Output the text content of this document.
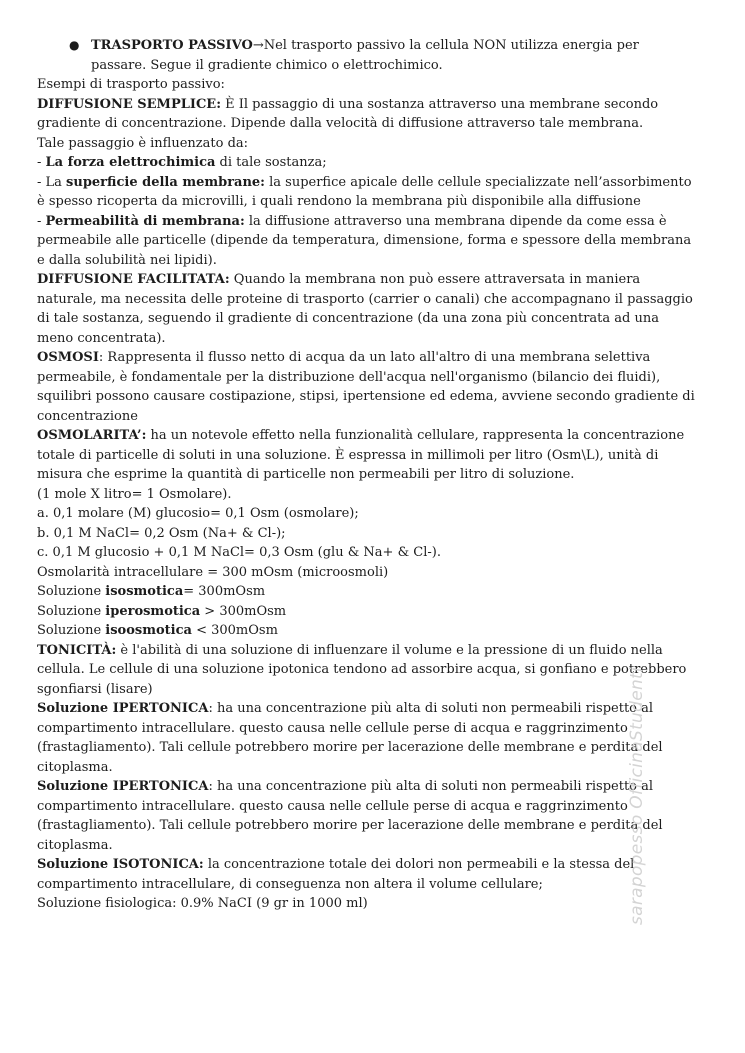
● TRASPORTO PASSIVO→Nel trasporto passivo la cellula NON utilizza energia per passare. Segue il gradiente chimico o elettrochimico.

Esempi di trasporto passivo:

DIFFUSIONE SEMPLICE: È Il passaggio di una sostanza attraverso una membrane secondo gradiente di concentrazione. Dipende dalla velocità di diffusione attraverso tale membrana.

Tale passaggio è influenzato da:

- La forza elettrochimica di tale sostanza;

- La superficie della membrane: la superfice apicale delle cellule specializzate nell’assorbimento è spesso ricoperta da microvilli, i quali rendono la membrana più disponibile alla diffusione

- Permeabilità di membrana: la diffusione attraverso una membrana dipende da come essa è permeabile alle particelle (dipende da temperatura, dimensione, forma e spessore della membrana e dalla solubilità nei lipidi).

DIFFUSIONE FACILITATA: Quando la membrana non può essere attraversata in maniera naturale, ma necessita delle proteine di trasporto (carrier o canali) che accompagnano il passaggio di tale sostanza, seguendo il gradiente di concentrazione (da una zona più concentrata ad una meno concentrata).

OSMOSI: Rappresenta il flusso netto di acqua da un lato all'altro di una membrana selettiva permeabile, è fondamentale per la distribuzione dell'acqua nell'organismo (bilancio dei fluidi), squilibri possono causare costipazione, stipsi, ipertensione ed edema, avviene secondo gradiente di concentrazione

OSMOLARITA’: ha un notevole effetto nella funzionalità cellulare, rappresenta la concentrazione totale di particelle di soluti in una soluzione. È espressa in millimoli per litro (Osm\L), unità di misura che esprime la quantità di particelle non permeabili per litro di soluzione.

(1 mole X litro= 1 Osmolare).

a. 0,1 molare (M) glucosio= 0,1 Osm (osmolare);

b. 0,1 M NaCl= 0,2 Osm (Na+ & Cl-);

c. 0,1 M glucosio + 0,1 M NaCl= 0,3 Osm (glu & Na+ & Cl-).

Osmolarità intracellulare = 300 mOsm (microosmoli)

Soluzione isosmotica= 300mOsm

Soluzione iperosmotica > 300mOsm

Soluzione isoosmotica < 300mOsm

TONICITÀ: è l'abilità di una soluzione di influenzare il volume e la pressione di un fluido nella cellula. Le cellule di una soluzione ipotonica tendono ad assorbire acqua, si gonfiano e potrebbero sgonfiarsi (lisare)

Soluzione IPERTONICA: ha una concentrazione più alta di soluti non permeabili rispetto al compartimento intracellulare. questo causa nelle cellule perse di acqua e raggrinzimento (frastagliamento). Tali cellule potrebbero morire per lacerazione delle membrane e perdita del citoplasma.

Soluzione IPERTONICA: ha una concentrazione più alta di soluti non permeabili rispetto al compartimento intracellulare. questo causa nelle cellule perse di acqua e raggrinzimento (frastagliamento). Tali cellule potrebbero morire per lacerazione delle membrane e perdita del citoplasma.

Soluzione ISOTONICA: la concentrazione totale dei dolori non permeabili e la stessa del compartimento intracellulare, di conseguenza non altera il volume cellulare;

Soluzione fisiologica: 0.9% NaCI (9 gr in 1000 ml)	sarapopesso OfficinaStudenti
